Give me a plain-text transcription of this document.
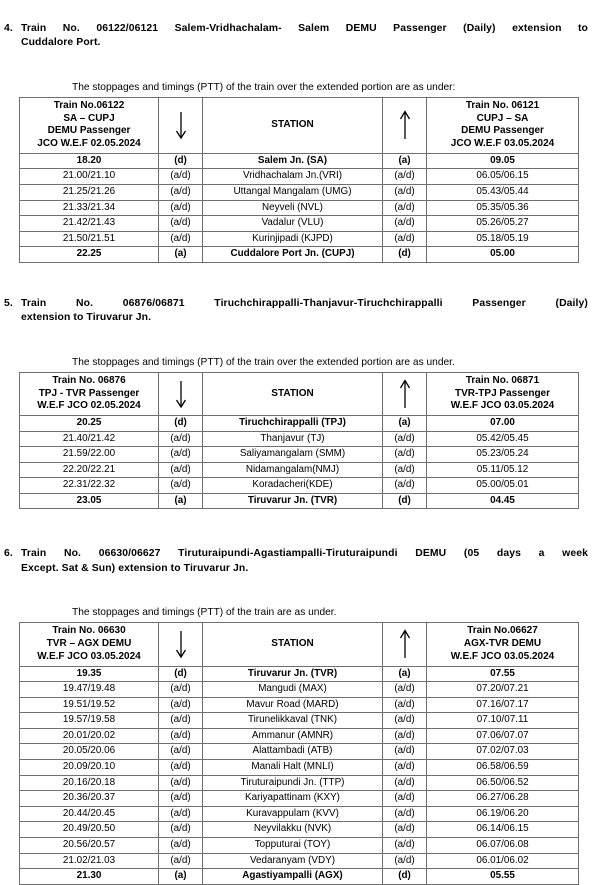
4. Train No. 06122/06121 Salem-Vridhachalam- Salem DEMU Passenger (Daily) extension to
Cuddalore Port.
The stoppages and timings (PTT) of the train over the extended portion are as under:
Train No.06122
SA – CUPJ
DEMU Passenger
JCO W.E.F 02.05.2024		STATION		Train No. 06121
CUPJ – SA
DEMU Passenger
JCO W.E.F 03.05.2024

18.20	(d)	Salem Jn. (SA)	(a)	09.05
21.00/21.10	(a/d)	Vridhachalam Jn.(VRI)	(a/d)	06.05/06.15
21.25/21.26	(a/d)	Uttangal Mangalam (UMG)	(a/d)	05.43/05.44
21.33/21.34	(a/d)	Neyveli (NVL)	(a/d)	05.35/05.36
21.42/21.43	(a/d)	Vadalur (VLU)	(a/d)	05.26/05.27
21.50/21.51	(a/d)	Kurinjipadi (KJPD)	(a/d)	05.18/05.19
22.25	(a)	Cuddalore Port Jn. (CUPJ)	(d)	05.00
5. Train No. 06876/06871 Tiruchchirappalli-Thanjavur-Tiruchchirappalli Passenger (Daily)
extension to Tiruvarur Jn.
The stoppages and timings (PTT) of the train over the extended portion are as under.
Train No. 06876
TPJ - TVR Passenger
W.E.F JCO 02.05.2024		STATION		Train No. 06871
TVR-TPJ Passenger
W.E.F JCO 03.05.2024

20.25	(d)	Tiruchchirappalli (TPJ)	(a)	07.00
21.40/21.42	(a/d)	Thanjavur (TJ)	(a/d)	05.42/05.45
21.59/22.00	(a/d)	Saliyamangalam (SMM)	(a/d)	05.23/05.24
22.20/22.21	(a/d)	Nidamangalam(NMJ)	(a/d)	05.11/05.12
22.31/22.32	(a/d)	Koradacheri(KDE)	(a/d)	05.00/05.01
23.05	(a)	Tiruvarur Jn. (TVR)	(d)	04.45
6. Train No. 06630/06627 Tiruturaipundi-Agastiampalli-Tiruturaipundi DEMU (05 days a week
Except. Sat & Sun) extension to Tiruvarur Jn.
The stoppages and timings (PTT) of the train are as under.
Train No. 06630
TVR – AGX DEMU
W.E.F JCO 03.05.2024		STATION		Train No.06627
AGX-TVR DEMU
W.E.F JCO 03.05.2024

19.35	(d)	Tiruvarur Jn. (TVR)	(a)	07.55
19.47/19.48	(a/d)	Mangudi (MAX)	(a/d)	07.20/07.21
19.51/19.52	(a/d)	Mavur Road (MARD)	(a/d)	07.16/07.17
19.57/19.58	(a/d)	Tirunelikkaval (TNK)	(a/d)	07.10/07.11
20.01/20.02	(a/d)	Ammanur (AMNR)	(a/d)	07.06/07.07
20.05/20.06	(a/d)	Alattambadi (ATB)	(a/d)	07.02/07.03
20.09/20.10	(a/d)	Manali Halt (MNLI)	(a/d)	06.58/06.59
20.16/20.18	(a/d)	Tiruturaipundi Jn. (TTP)	(a/d)	06.50/06.52
20.36/20.37	(a/d)	Kariyapattinam (KXY)	(a/d)	06.27/06.28
20.44/20.45	(a/d)	Kuravappulam (KVV)	(a/d)	06.19/06.20
20.49/20.50	(a/d)	Neyvilakku (NVK)	(a/d)	06.14/06.15
20.56/20.57	(a/d)	Topputurai (TOY)	(a/d)	06.07/06.08
21.02/21.03	(a/d)	Vedaranyam (VDY)	(a/d)	06.01/06.02
21.30	(a)	Agastiyampalli (AGX)	(d)	05.55
